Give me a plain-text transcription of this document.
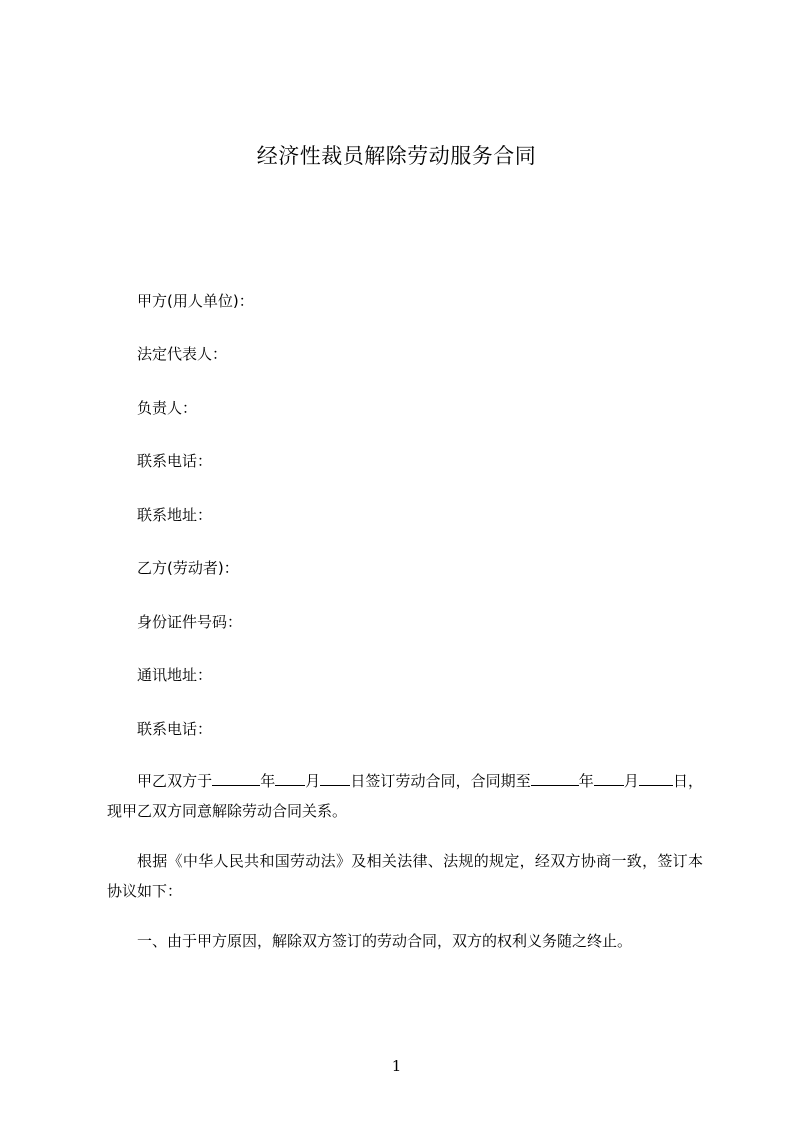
经济性裁员解除劳动服务合同
甲方(用人单位)：
法定代表人：
负责人：
联系电话：
联系地址：
乙方(劳动者)：
身份证件号码：
通讯地址：
联系电话：
甲乙双方于	年 月 日签订劳动合同，合同期至	年 月 日，现甲乙双方同意解除劳动合同关系。
根据《中华人民共和国劳动法》及相关法律、法规的规定，经双方协商一致，签订本协议如下：
一、由于甲方原因，解除双方签订的劳动合同，双方的权利义务随之终止。
1
